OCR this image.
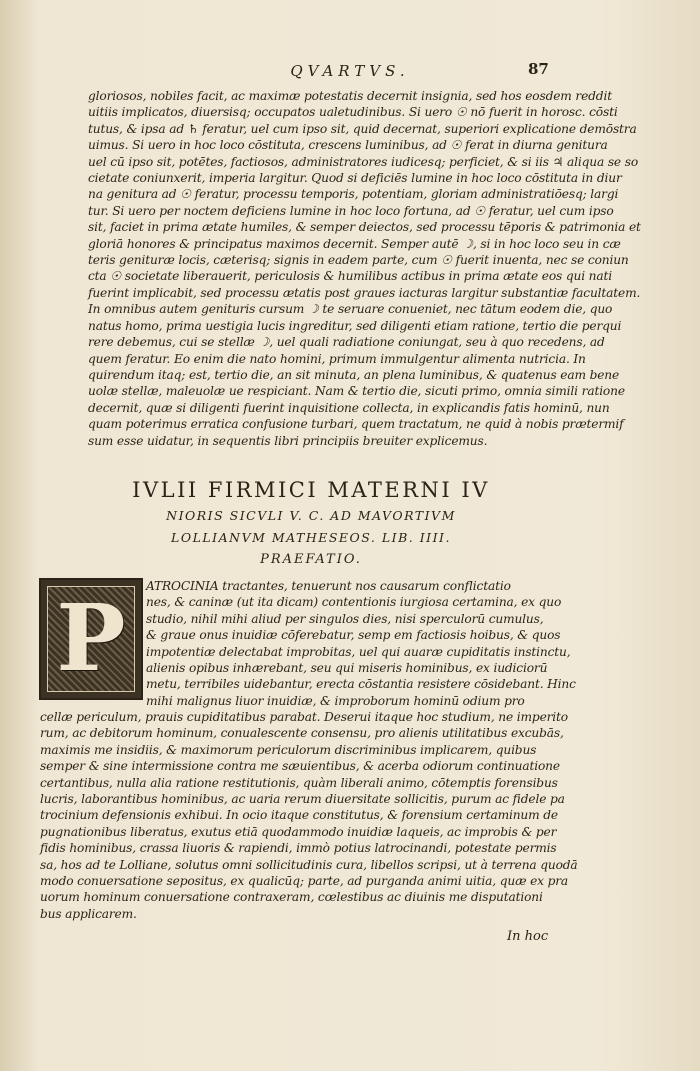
QVARTVS.	87
gloriosos, nobiles facit, ac maximæ potestatis decernit insignia, sed hos eosdem reddit
uitiis implicatos, diuersisq; occupatos ualetudinibus. Si uero ☉ nō fuerit in horosc. cōsti
tutus, & ipsa ad ♄ feratur, uel cum ipso sit, quid decernat, superiori explicatione demōstra
uimus. Si uero in hoc loco cōstituta, crescens luminibus, ad ☉ ferat in diurna genitura
uel cū ipso sit, potētes, factiosos, administratores iudicesq; perficiet, & si iis ♃ aliqua se so
cietate coniunxerit, imperia largitur. Quod si deficiēs lumine in hoc loco cōstituta in diur
na genitura ad ☉ feratur, processu temporis, potentiam, gloriam administratiōesq; largi
tur. Si uero per noctem deficiens lumine in hoc loco fortuna, ad ☉ feratur, uel cum ipso
sit, faciet in prima ætate humiles, & semper deiectos, sed processu tēporis & patrimonia et
gloriā honores & principatus maximos decernit. Semper autē ☽, si in hoc loco seu in cæ
teris genituræ locis, cæterisq; signis in eadem parte, cum ☉ fuerit inuenta, nec se coniun
cta ☉ societate liberauerit, periculosis & humilibus actibus in prima ætate eos qui nati
fuerint implicabit, sed processu ætatis post graues iacturas largitur substantiæ facultatem.
In omnibus autem genituris cursum ☽ te seruare conueniet, nec tātum eodem die, quo
natus homo, prima uestigia lucis ingreditur, sed diligenti etiam ratione, tertio die perqui
rere debemus, cui se stellæ ☽, uel quali radiatione coniungat, seu à quo recedens, ad
quem feratur. Eo enim die nato homini, primum immulgentur alimenta nutricia. In
quirendum itaq; est, tertio die, an sit minuta, an plena luminibus, & quatenus eam bene
uolæ stellæ, maleuolæ ue respiciant. Nam & tertio die, sicuti primo, omnia simili ratione
decernit, quæ si diligenti fuerint inquisitione collecta, in explicandis fatis hominū, nun
quam poterimus erratica confusione turbari, quem tractatum, ne quid à nobis prætermif
sum esse uidatur, in sequentis libri principiis breuiter explicemus.
IVLII FIRMICI MATERNI IV
NIORIS SICVLI V. C. AD MAVORTIVM
LOLLIANVM MATHESEOS. LIB. IIII.
PRAEFATIO.
P	ATROCINIA tractantes, tenuerunt nos causarum conflictatio
nes, & caninæ (ut ita dicam) contentionis iurgiosa certamina, ex quo
studio, nihil mihi aliud per singulos dies, nisi sperculorū cumulus,
& graue onus inuidiæ cōferebatur, semp em factiosis hoibus, & quos
impotentiæ delectabat improbitas, uel qui auaræ cupiditatis instinctu,
alienis opibus inhærebant, seu qui miseris hominibus, ex iudiciorū
metu, terribiles uidebantur, erecta cōstantia resistere cōsidebant. Hinc
mihi malignus liuor inuidiæ, & improborum hominū odium pro
cellæ periculum, prauis cupiditatibus parabat. Deserui itaque hoc studium, ne imperito
rum, ac debitorum hominum, conualescente consensu, pro alienis utilitatibus excubās,
maximis me insidiis, & maximorum periculorum discriminibus implicarem, quibus
semper & sine intermissione contra me sæuientibus, & acerba odiorum continuatione
certantibus, nulla alia ratione restitutionis, quàm liberali animo, cōtemptis forensibus
lucris, laborantibus hominibus, ac uaria rerum diuersitate sollicitis, purum ac fidele pa
trocinium defensionis exhibui. In ocio itaque constitutus, & forensium certaminum de
pugnationibus liberatus, exutus etiā quodammodo inuidiæ laqueis, ac improbis & per
fidis hominibus, crassa liuoris & rapiendi, immò potius latrocinandi, potestate permis
sa, hos ad te Lolliane, solutus omni sollicitudinis cura, libellos scripsi, ut à terrena quodā
modo conuersatione sepositus, ex qualicūq; parte, ad purganda animi uitia, quæ ex pra
uorum hominum conuersatione contraxeram, cœlestibus ac diuinis me disputationi
bus applicarem.
In hoc
